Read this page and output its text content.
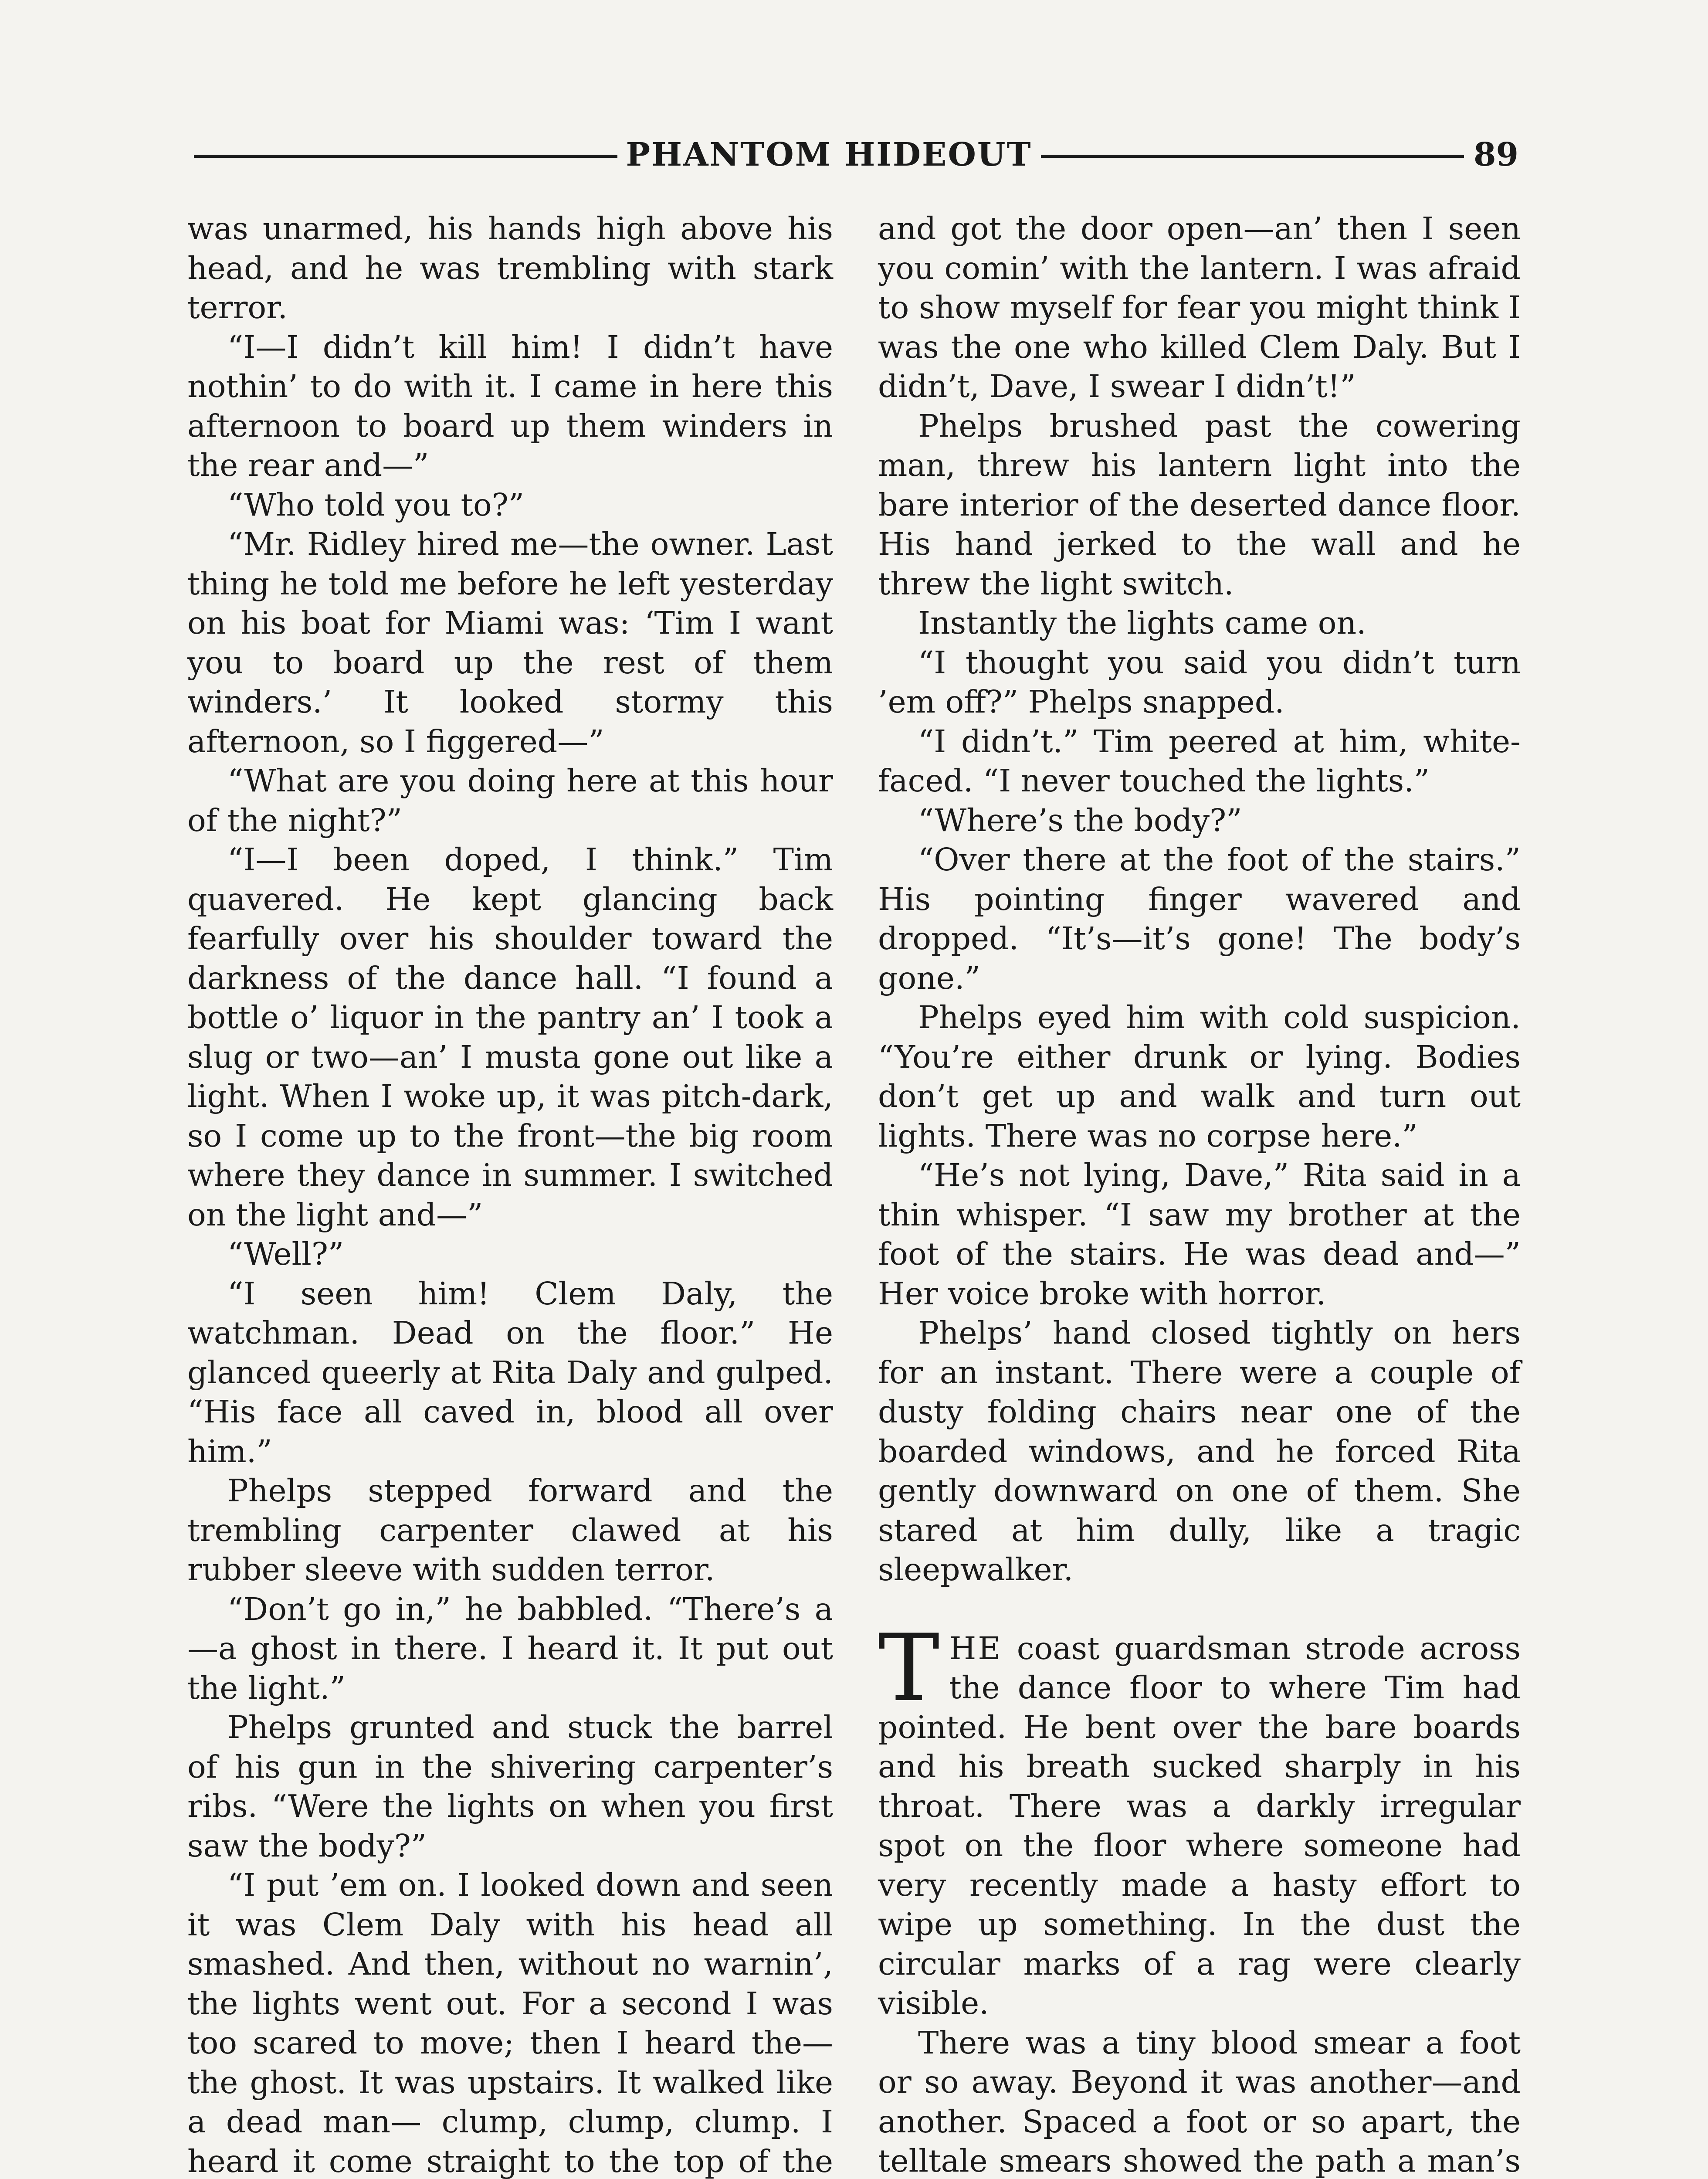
PHANTOM HIDEOUT	89

was unarmed, his hands high above his head, and he was trembling with stark terror.

“I—I didn’t kill him! I didn’t have nothin’ to do with it. I came in here this afternoon to board up them winders in the rear and—”

“Who told you to?”

“Mr. Ridley hired me—the owner. Last thing he told me before he left yesterday on his boat for Miami was: ‘Tim I want you to board up the rest of them winders.’ It looked stormy this afternoon, so I figgered—”

“What are you doing here at this hour of the night?”

“I—I been doped, I think.” Tim quavered. He kept glancing back fearfully over his shoulder toward the darkness of the dance hall. “I found a bottle o’ liquor in the pantry an’ I took a slug or two—an’ I musta gone out like a light. When I woke up, it was pitch-dark, so I come up to the front—the big room where they dance in summer. I switched on the light and—”

“Well?”

“I seen him! Clem Daly, the watchman. Dead on the floor.” He glanced queerly at Rita Daly and gulped. “His face all caved in, blood all over him.”

Phelps stepped forward and the trembling carpenter clawed at his rubber sleeve with sudden terror.

“Don’t go in,” he babbled. “There’s a—a ghost in there. I heard it. It put out the light.”

Phelps grunted and stuck the barrel of his gun in the shivering carpenter’s ribs. “Were the lights on when you first saw the body?”

“I put ’em on. I looked down and seen it was Clem Daly with his head all smashed. And then, without no warnin’, the lights went out. For a second I was too scared to move; then I heard the—the ghost. It was upstairs. It walked like a dead man— clump, clump, clump. I heard it come straight to the top of the

and got the door open—an’ then I seen you comin’ with the lantern. I was afraid to show myself for fear you might think I was the one who killed Clem Daly. But I didn’t, Dave, I swear I didn’t!”

Phelps brushed past the cowering man, threw his lantern light into the bare interior of the deserted dance floor. His hand jerked to the wall and he threw the light switch.

Instantly the lights came on.

“I thought you said you didn’t turn ’em off?” Phelps snapped.

“I didn’t.” Tim peered at him, white-faced. “I never touched the lights.”

“Where’s the body?”

“Over there at the foot of the stairs.” His pointing finger wavered and dropped. “It’s—it’s gone! The body’s gone.”

Phelps eyed him with cold suspicion. “You’re either drunk or lying. Bodies don’t get up and walk and turn out lights. There was no corpse here.”

“He’s not lying, Dave,” Rita said in a thin whisper. “I saw my brother at the foot of the stairs. He was dead and—” Her voice broke with horror.

Phelps’ hand closed tightly on hers for an instant. There were a couple of dusty folding chairs near one of the boarded windows, and he forced Rita gently downward on one of them. She stared at him dully, like a tragic sleepwalker.

THE coast guardsman strode across the dance floor to where Tim had pointed. He bent over the bare boards and his breath sucked sharply in his throat. There was a darkly irregular spot on the floor where someone had very recently made a hasty effort to wipe up something. In the dust the circular marks of a rag were clearly visible.

There was a tiny blood smear a foot or so away. Beyond it was another—and another. Spaced a foot or so apart, the telltale smears showed the path a man’s
